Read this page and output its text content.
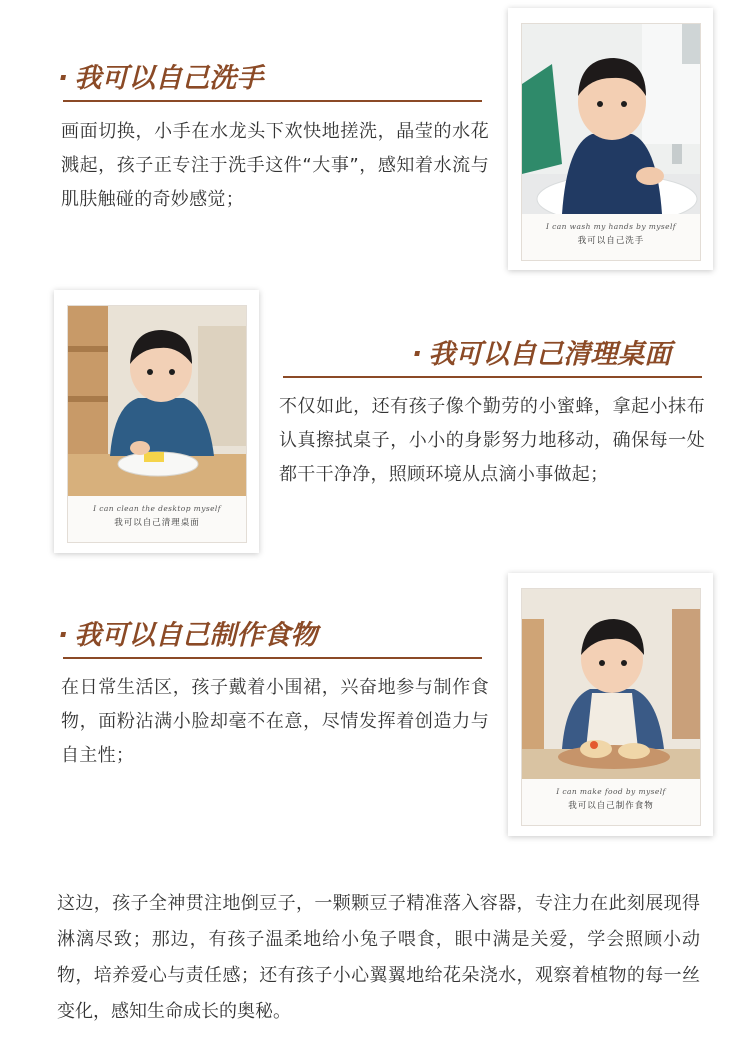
· 我可以自己洗手
画面切换，小手在水龙头下欢快地搓洗，晶莹的水花溅起，孩子正专注于洗手这件“大事”，感知着水流与肌肤触碰的奇妙感觉；
I can wash my hands by myself
我可以自己洗手
I can clean the desktop myself
我可以自己清理桌面
· 我可以自己清理桌面
不仅如此，还有孩子像个勤劳的小蜜蜂，拿起小抹布认真擦拭桌子，小小的身影努力地移动，确保每一处都干干净净，照顾环境从点滴小事做起；
· 我可以自己制作食物
在日常生活区，孩子戴着小围裙，兴奋地参与制作食物，面粉沾满小脸却毫不在意，尽情发挥着创造力与自主性；
I can make food by myself
我可以自己制作食物
这边，孩子全神贯注地倒豆子，一颗颗豆子精准落入容器，专注力在此刻展现得淋漓尽致；那边，有孩子温柔地给小兔子喂食，眼中满是关爱，学会照顾小动物，培养爱心与责任感；还有孩子小心翼翼地给花朵浇水，观察着植物的每一丝变化，感知生命成长的奥秘。
